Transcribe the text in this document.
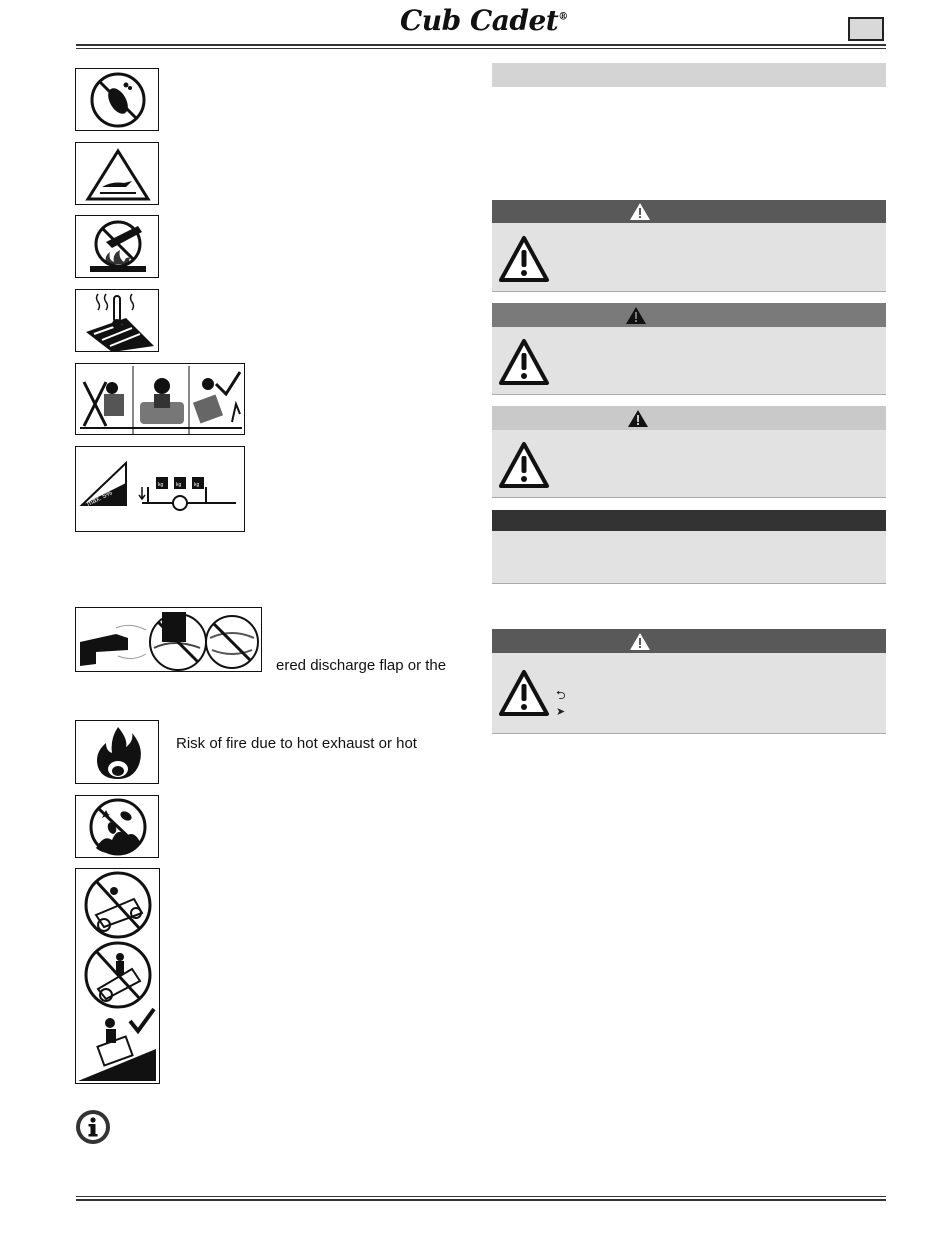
Cub Cadet®
max. 5%
kg	kg	kg
ered discharge flap or the
Risk of fire due to hot exhaust or hot
⮌
➤
